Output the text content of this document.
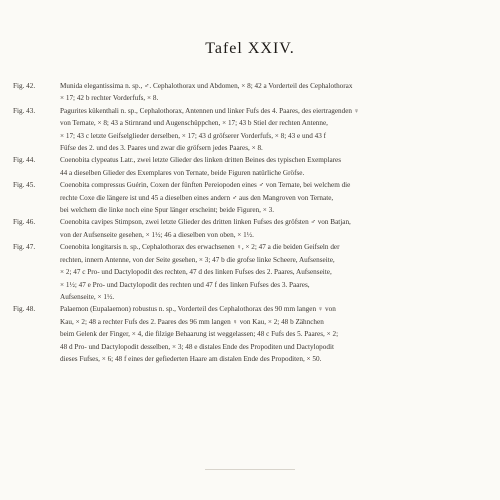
Tafel XXIV.
Fig. 42.	Munida elegantissima n. sp., ♂. Cephalothorax und Abdomen, × 8; 42 a Vorderteil des Cephalothorax
× 17; 42 b rechter Vorderfufs, × 8.
Fig. 43.	Pagurites kükenthali n. sp., Cephalothorax, Antennen und linker Fufs des 4. Paares, des eiertragenden ♀
von Ternate, × 8; 43 a Stirnrand und Augenschüppchen, × 17; 43 b Stiel der rechten Antenne,
× 17; 43 c letzte Geifselglieder derselben, × 17; 43 d gröfserer Vorderfufs, × 8; 43 e und 43 f
Füfse des 2. und des 3. Paares und zwar die gröfsern jedes Paares, × 8.
Fig. 44.	Coenobita clypeatus Latr., zwei letzte Glieder des linken dritten Beines des typischen Exemplares
44 a dieselben Glieder des Exemplares von Ternate, beide Figuren natürliche Gröfse.
Fig. 45.	Coenobita compressus Guérin, Coxen der fünften Pereiopoden eines ♂ von Ternate, bei welchem die
rechte Coxe die längere ist und 45 a dieselben eines andern ♂ aus den Mangroven von Ternate,
bei welchem die linke noch eine Spur länger erscheint; beide Figuren, × 3.
Fig. 46.	Coenobita cavipes Stimpson, zwei letzte Glieder des dritten linken Fufses des gröfsten ♂ von Batjan,
von der Aufsenseite gesehen, × 1½; 46 a dieselben von oben, × 1½.
Fig. 47.	Coenobita longitarsis n. sp., Cephalothorax des erwachsenen ♀, × 2; 47 a die beiden Geifseln der
rechten, innern Antenne, von der Seite gesehen, × 3; 47 b die grofse linke Scheere, Aufsenseite,
× 2; 47 c Pro- und Dactylopodit des rechten, 47 d des linken Fufses des 2. Paares, Aufsenseite,
× 1½; 47 e Pro- und Dactylopodit des rechten und 47 f des linken Fufses des 3. Paares,
Aufsenseite, × 1½.
Fig. 48.	Palaemon (Eupalaemon) robustus n. sp., Vorderteil des Cephalothorax des 90 mm langen ♀ von
Kau, × 2; 48 a rechter Fufs des 2. Paares des 96 mm langen ♀ von Kau, × 2; 48 b Zähnchen
beim Gelenk der Finger, × 4, die filzige Behaarung ist weggelassen; 48 c Fufs des 5. Paares, × 2;
48 d Pro- und Dactylopodit desselben, × 3; 48 e distales Ende des Propoditen und Dactylopodit
dieses Fufses, × 6; 48 f eines der gefiederten Haare am distalen Ende des Propoditen, × 50.
